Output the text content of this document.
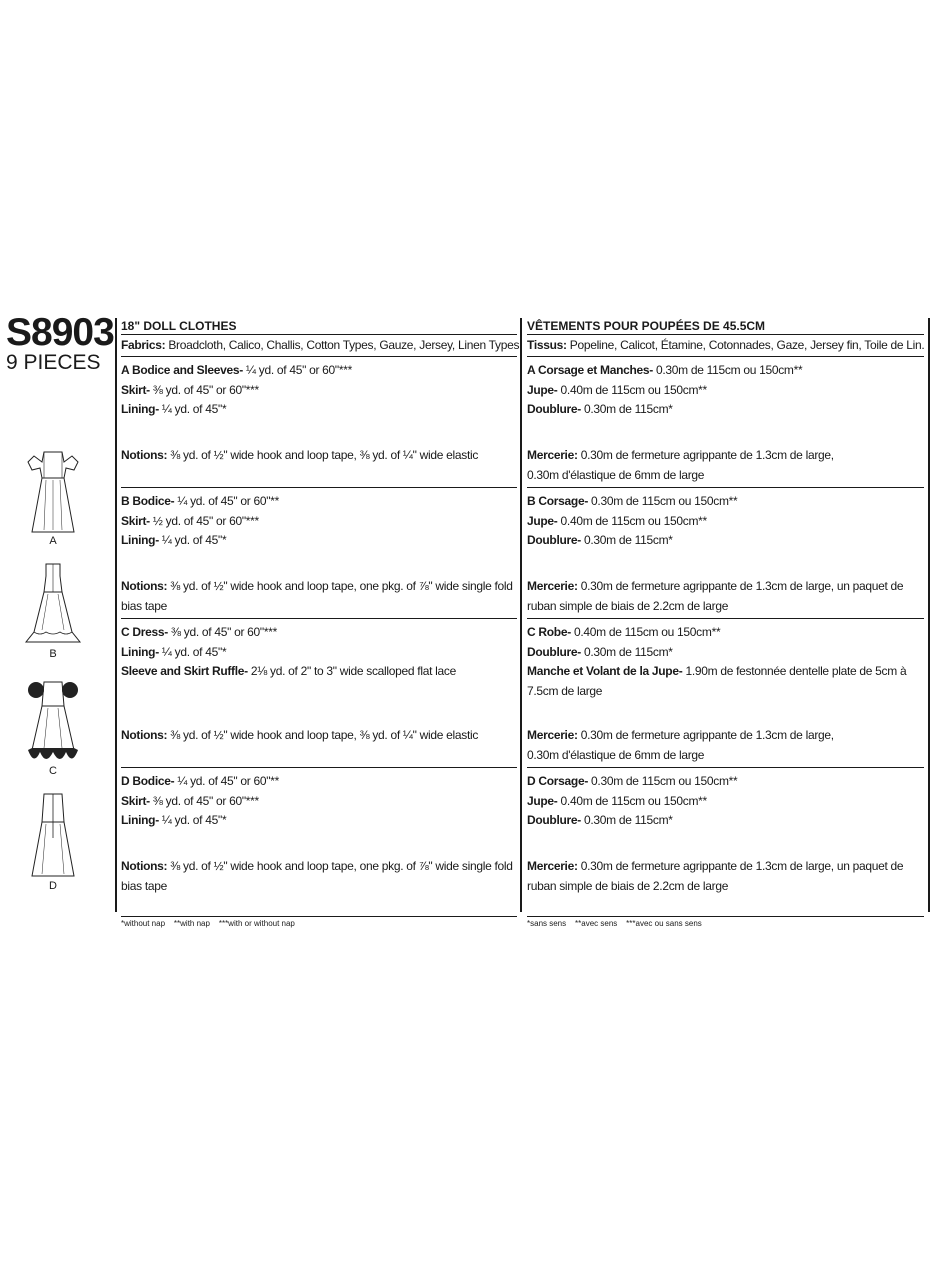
S8903
9 PIECES
A
B
C
D
18" DOLL CLOTHES
Fabrics: Broadcloth, Calico, Challis, Cotton Types, Gauze, Jersey, Linen Types.
A Bodice and Sleeves- ¼ yd. of 45" or 60"***
Skirt- ⅜ yd. of 45" or 60"***
Lining- ¼ yd. of 45"*
Notions: ⅜ yd. of ½" wide hook and loop tape, ⅜ yd. of ¼" wide elastic
B Bodice- ¼ yd. of 45" or 60"**
Skirt- ½ yd. of 45" or 60"***
Lining- ¼ yd. of 45"*
Notions: ⅜ yd. of ½" wide hook and loop tape, one pkg. of ⅞" wide single fold bias tape
C Dress- ⅜ yd. of 45" or 60"***
Lining- ¼ yd. of 45"*
Sleeve and Skirt Ruffle- 2⅛ yd. of 2" to 3" wide scalloped flat lace
Notions: ⅜ yd. of ½" wide hook and loop tape, ⅜ yd. of ¼" wide elastic
D Bodice- ¼ yd. of 45" or 60"**
Skirt- ⅜ yd. of 45" or 60"***
Lining- ¼ yd. of 45"*
Notions: ⅜ yd. of ½" wide hook and loop tape, one pkg. of ⅞" wide single fold bias tape
*without nap    **with nap    ***with or without nap
VÊTEMENTS POUR POUPÉES DE 45.5CM
Tissus: Popeline, Calicot, Étamine, Cotonnades, Gaze, Jersey fin, Toile de Lin.
A Corsage et Manches- 0.30m de 115cm ou 150cm**
Jupe- 0.40m de 115cm ou 150cm**
Doublure- 0.30m de 115cm*
Mercerie: 0.30m de fermeture agrippante de 1.3cm de large,
0.30m d'élastique de 6mm de large
B Corsage- 0.30m de 115cm ou 150cm**
Jupe- 0.40m de 115cm ou 150cm**
Doublure- 0.30m de 115cm*
Mercerie: 0.30m de fermeture agrippante de 1.3cm de large, un paquet de ruban simple de biais de 2.2cm de large
C Robe- 0.40m de 115cm ou 150cm**
Doublure- 0.30m de 115cm*
Manche et Volant de la Jupe- 1.90m de festonnée dentelle plate de 5cm à 7.5cm de large
Mercerie: 0.30m de fermeture agrippante de 1.3cm de large,
0.30m d'élastique de 6mm de large
D Corsage- 0.30m de 115cm ou 150cm**
Jupe- 0.40m de 115cm ou 150cm**
Doublure- 0.30m de 115cm*
Mercerie: 0.30m de fermeture agrippante de 1.3cm de large, un paquet de ruban simple de biais de 2.2cm de large
*sans sens    **avec sens    ***avec ou sans sens
